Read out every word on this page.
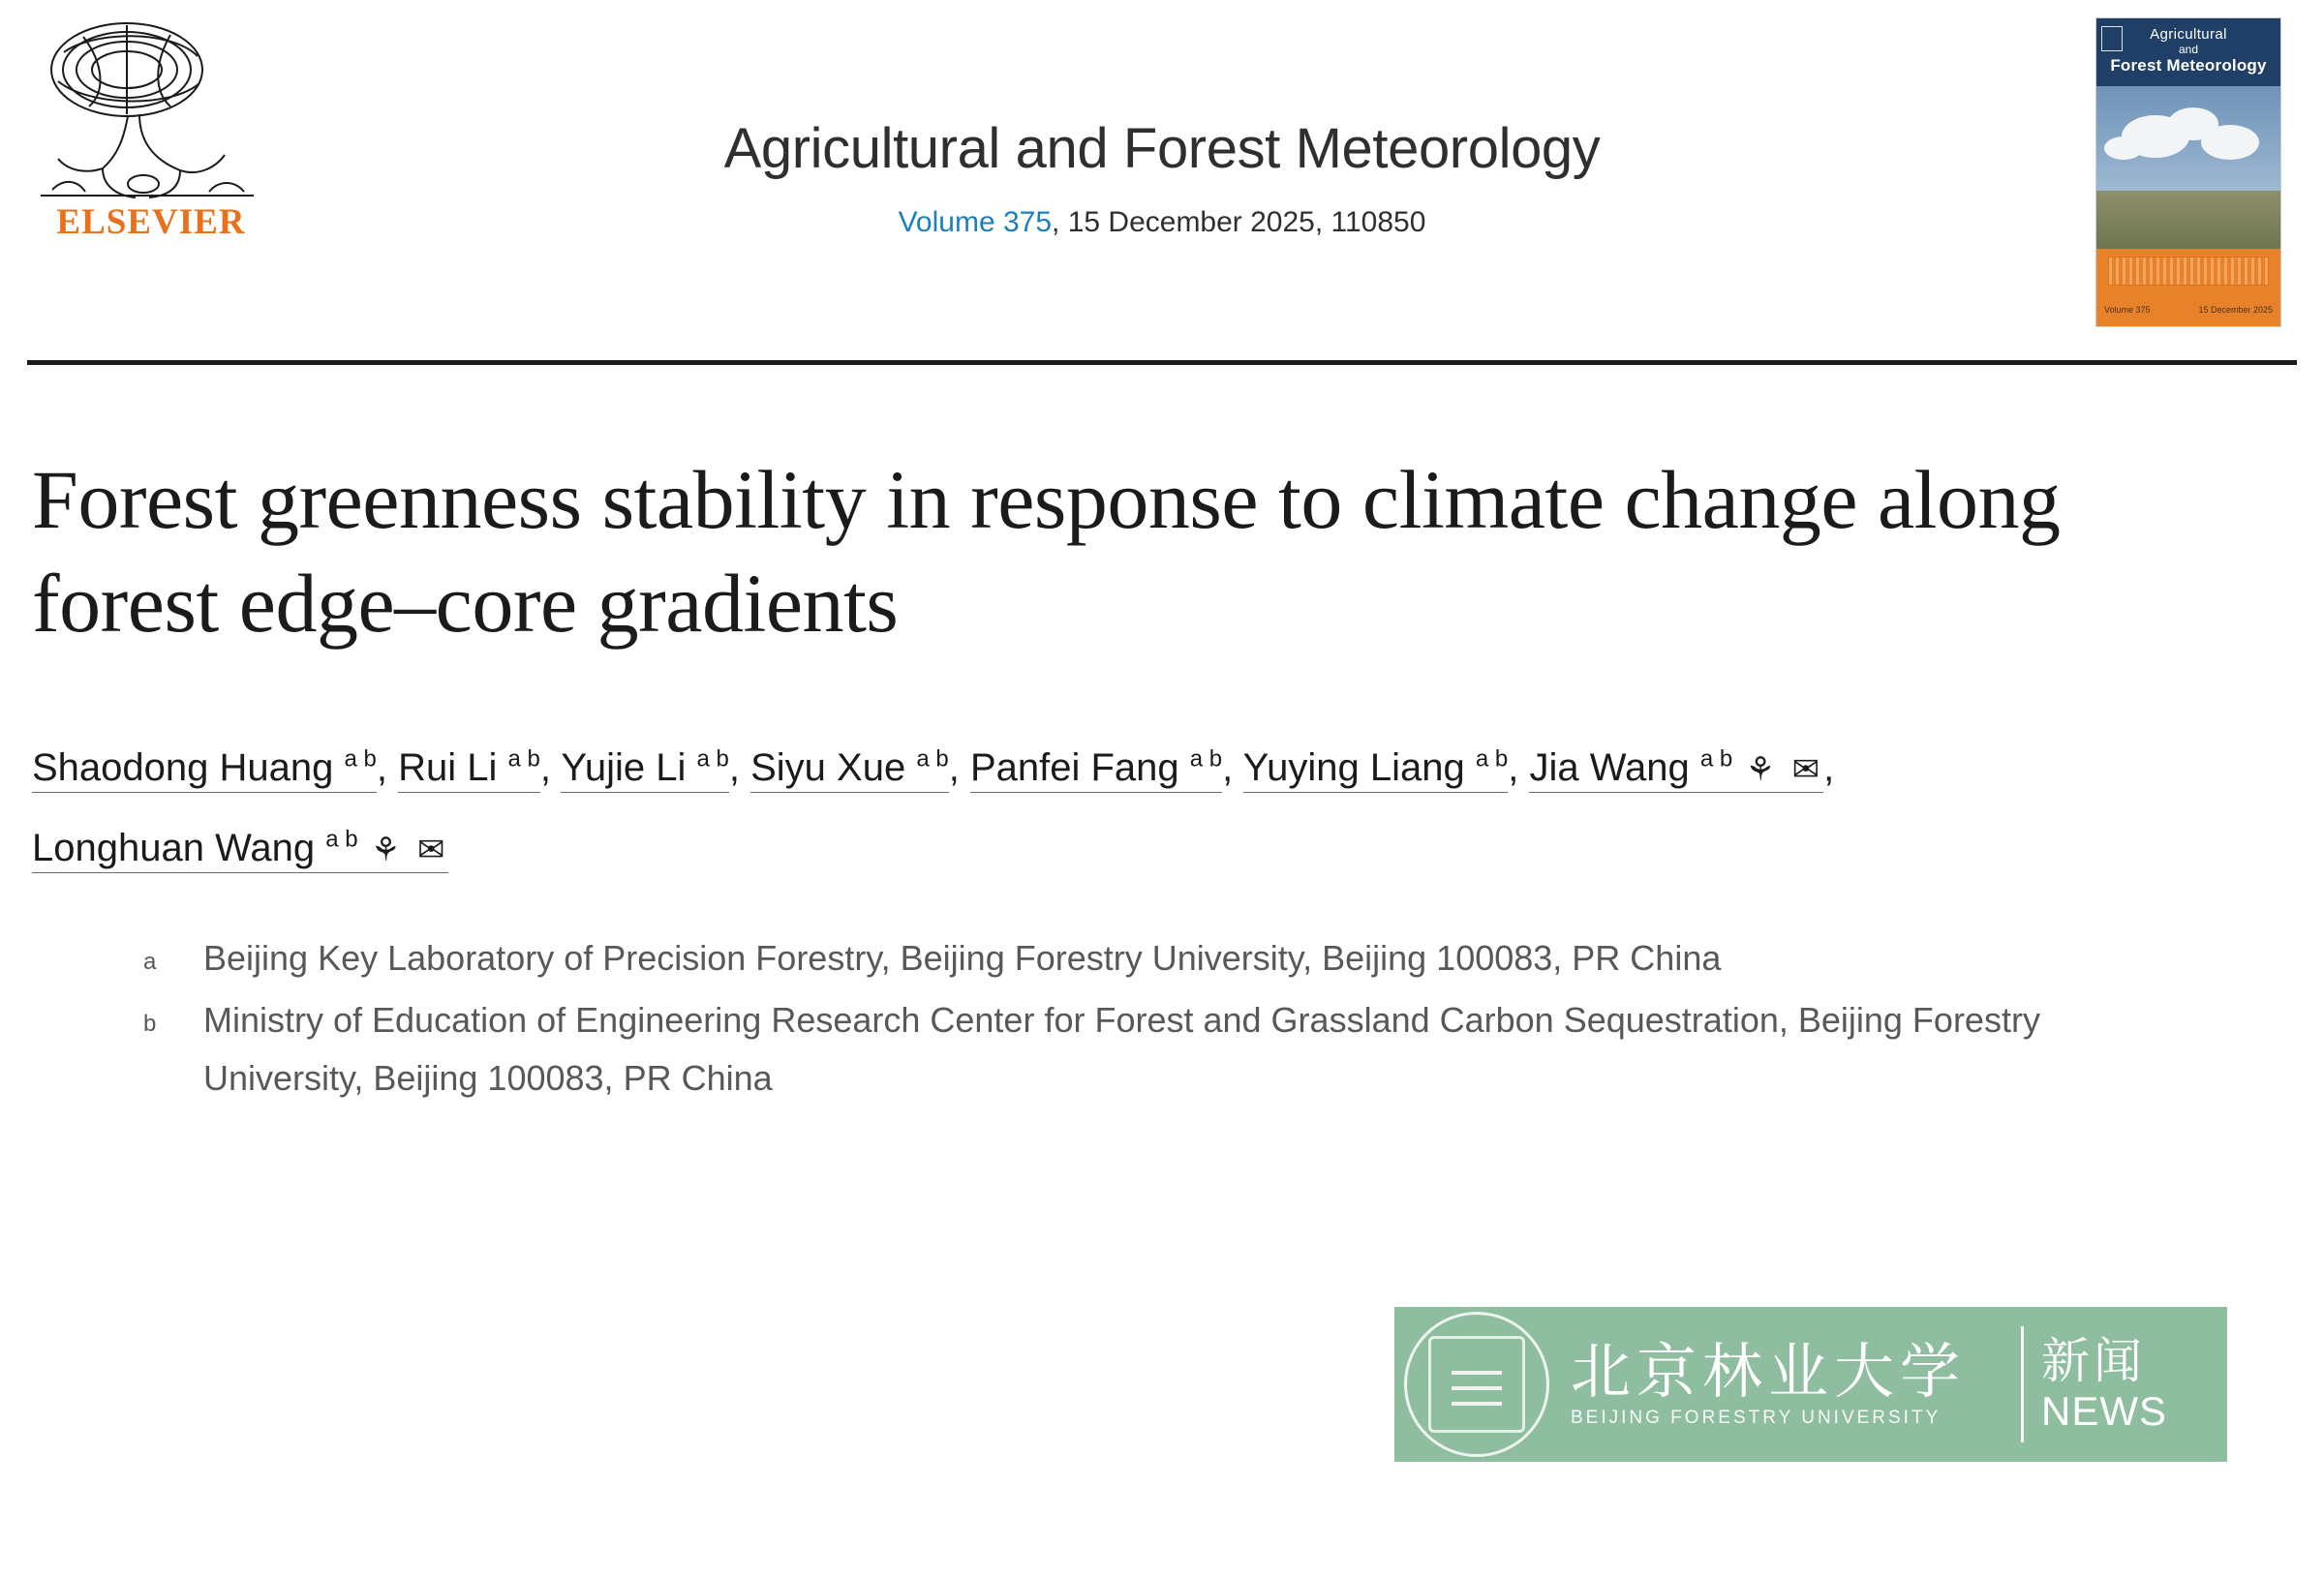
ELSEVIER
Agricultural and Forest Meteorology
Volume 375, 15 December 2025, 110850
Agricultural
and
Forest Meteorology
Volume 375	15 December 2025
Forest greenness stability in response to climate change along forest edge–core gradients
Shaodong Huang $^{a b}$, Rui Li $^{a b}$, Yujie Li $^{a b}$, Siyu Xue $^{a b}$, Panfei Fang $^{a b}$, Yuying Liang $^{a b}$, Jia Wang $^{a b}$ ⚘ ✉, Longhuan Wang $^{a b}$ ⚘ ✉
a	Beijing Key Laboratory of Precision Forestry, Beijing Forestry University, Beijing 100083, PR China
b	Ministry of Education of Engineering Research Center for Forest and Grassland Carbon Sequestration, Beijing Forestry University, Beijing 100083, PR China
北京林业大学
BEIJING FORESTRY UNIVERSITY
新闻
NEWS
